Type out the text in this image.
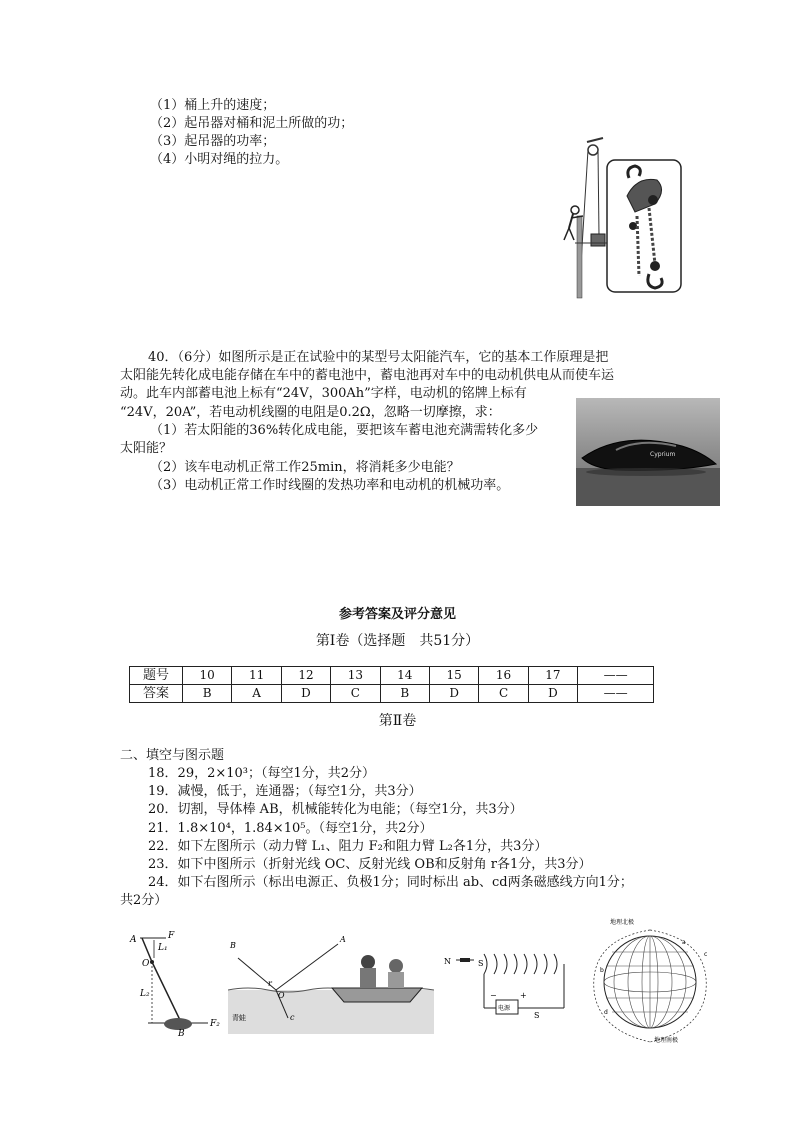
（1）桶上升的速度；
（2）起吊器对桶和泥土所做的功；
（3）起吊器的功率；
（4）小明对绳的拉力。
40．（6分）如图所示是正在试验中的某型号太阳能汽车，它的基本工作原理是把
太阳能先转化成电能存储在车中的蓄电池中，蓄电池再对车中的电动机供电从而使车运
动。此车内部蓄电池上标有“24V，300Ah”字样，电动机的铭牌上标有
“24V，20A”，若电动机线圈的电阻是0.2Ω，忽略一切摩擦，求：
（1）若太阳能的36%转化成电能，要把该车蓄电池充满需转化多少
太阳能？
（2）该车电动机正常工作25min，将消耗多少电能？
（3）电动机正常工作时线圈的发热功率和电动机的机械功率。
Cyprium
参考答案及评分意见
第Ⅰ卷（选择题　共51分）
题号	10	11	12	13	14	15	16	17	——
答案	B	A	D	C	B	D	C	D	——
第Ⅱ卷
二、填空与图示题
18．29，2×10³；（每空1分，共2分）
19．减慢，低于，连通器；（每空1分，共3分）
20．切割，导体棒 AB，机械能转化为电能；（每空1分，共3分）
21．1.8×10⁴，1.84×10⁵。（每空1分，共2分）
22．如下左图所示（动力臂 L₁、阻力 F₂和阻力臂 L₂各1分，共3分）
23．如下中图所示（折射光线 OC、反射光线 OB和反射角 r各1分，共3分）
24．如下右图所示（标出电源正、负极1分；同时标出 ab、cd两条磁感线方向1分；
共2分）
A	F
L₁
O
L₂
F₂
B
B
A
O
r
c
青蛙
N	S
电源
−	+
S
地理北极
a
b
c
d
地理南极
